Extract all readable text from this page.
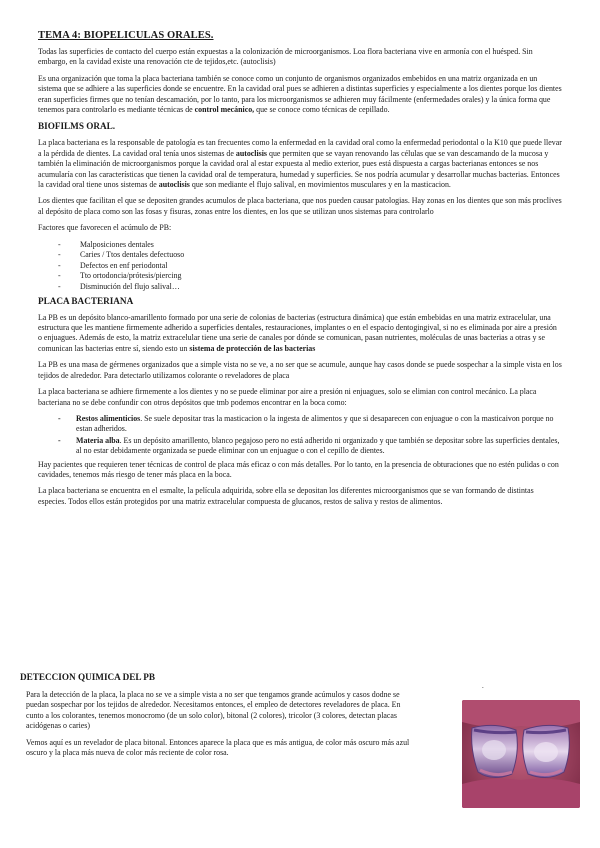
TEMA 4: BIOPELICULAS ORALES.

Todas las superficies de contacto del cuerpo están expuestas a la colonización de microorganismos. Loa flora bacteriana vive en armonía con el huésped. Sin embargo, en la cavidad existe una renovación cte de tejidos,etc. (autoclisis)

Es una organización que toma la placa bacteriana también se conoce como un conjunto de organismos organizados embebidos en una matriz organizada en un sistema que se adhiere a las superficies donde se encuentre. En la cavidad oral pues se adhieren a distintas superficies y especialmente a los dientes porque los dientes eran superficies firmes que no tenían descamación, por lo tanto, para los microorganismos se adhieren muy fácilmente (enfermedades orales) y la única forma que tenemos para controlarlo es mediante técnicas de control mecánico, que se conoce como técnicas de cepillado.

BIOFILMS ORAL.

La placa bacteriana es la responsable de patología es tan frecuentes como la enfermedad en la cavidad oral como la enfermedad periodontal o la K10 que puede llevar a la pérdida de dientes. La cavidad oral tenía unos sistemas de autoclisis que permiten que se vayan renovando las células que se van descamando de la mucosa y también la eliminación de microorganismos porque la cavidad oral al estar expuesta al medio exterior, pues está dispuesta a cargas bacterianas entonces se nos acumularía con las características que tienen la cavidad oral de temperatura, humedad y superficies. Se nos podría acumular y desarrollar muchas bacterias. Entonces la cavidad oral tiene unos sistemas de autoclisis que son mediante el flujo salival, en movimientos musculares y en la masticacion.

Los dientes que facilitan el que se depositen grandes acumulos de placa bacteriana, que nos pueden causar patologias. Hay zonas en los dientes que son más proclives al depósito de placa como son las fosas y fisuras, zonas entre los dientes, en los que se utilizan unos sistemas para controlarlo

Factores que favorecen el acúmulo de PB:

- Malposiciones dentales
- Caries / Ttos dentales defectuoso
- Defectos en enf periodontal
- Tto ortodoncia/prótesis/piercing
- Disminución del flujo salival…
PLACA BACTERIANA

La PB es un depósito blanco-amarillento formado por una serie de colonias de bacterias (estructura dinámica) que están embebidas en una matriz extracelular, una estructura que les mantiene firmemente adherido a superficies dentales, restauraciones, implantes o en el espacio dentogingival, si no es eliminada por aire a presión o enjuagues. Además de esto, la matriz extracelular tiene una serie de canales por dónde se comunican, pasan nutrientes, moléculas de unas bacterias a otras y se comunican las bacterias entre sí, siendo esto un sistema de protección de las bacterias

La PB es una masa de gérmenes organizados que a simple vista no se ve, a no ser que se acumule, aunque hay casos donde se puede sospechar a la simple vista en los tejidos de alrededor. Para detectarlo utilizamos colorante o reveladores de placa

La placa bacteriana se adhiere firmemente a los dientes y no se puede eliminar por aire a presión ni enjuagues, solo se elimian con control mecánico. La placa bacteriana no se debe confundir con otros depósitos que tmb podemos encontrar en la boca como:

- Restos alimenticios. Se suele depositar tras la masticacion o la ingesta de alimentos y que si desaparecen con enjuague o con la masticaivon porque no estan adheridos.
- Materia alba. Es un depósito amarillento, blanco pegajoso pero no está adherido ni organizado y que también se depositar sobre las superficies dentales, al no estar debidamente organizada se puede eliminar con un enjuague o con el cepillo de dientes.

Hay pacientes que requieren tener técnicas de control de placa más eficaz o con más detalles. Por lo tanto, en la presencia de obturaciones que no estén pulidas o con cavidades, tenemos más riesgo de tener más placa en la boca.

La placa bacteriana se encuentra en el esmalte, la película adquirida, sobre ella se depositan los diferentes microorganismos que se van formando de distintas especies. Todos ellos están protegidos por una matriz extracelular compuesta de glucanos, restos de saliva y restos de alimentos.

DETECCION QUIMICA DEL PB

Para la detección de la placa, la placa no se ve a simple vista a no ser que tengamos grande acúmulos y casos dodne se puedan sospechar por los tejidos de alrededor. Necesitamos entonces, el empleo de detectores reveladores de placa. En cunto a los colorantes, tenemos monocromo (de un solo color), bitonal (2 colores), tricolor (3 colores, detectan placas acidógenas o caries)

Vemos aquí es un revelador de placa bitonal. Entonces aparece la placa que es más antigua, de color más oscuro más azul oscuro y la placa más nueva de color más reciente de color rosa.

.
